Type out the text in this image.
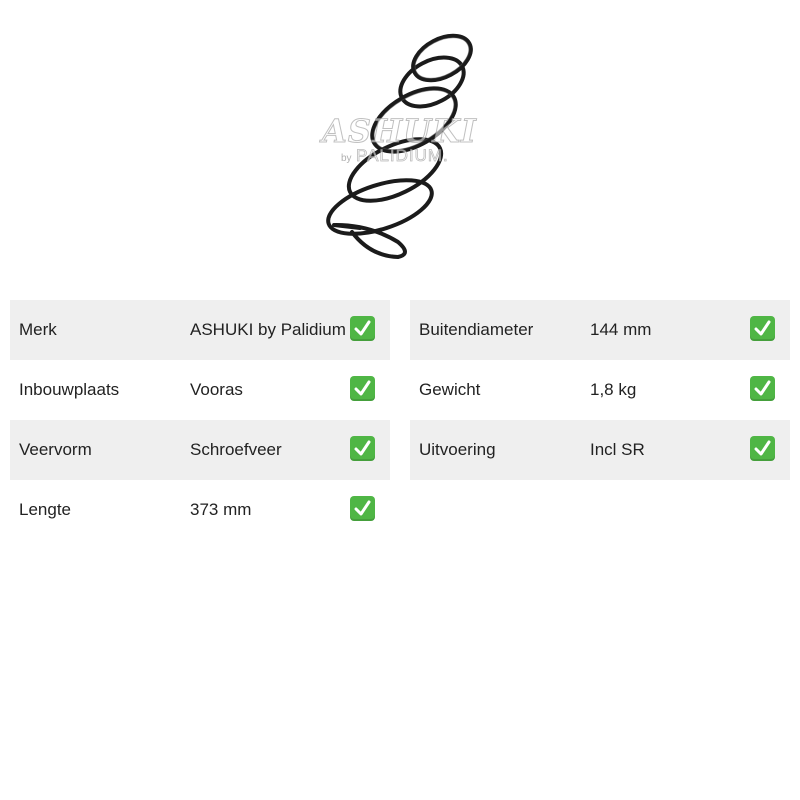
ASHUKI
by PALIDIUM.
Merk	ASHUKI by Palidium
Inbouwplaats	Vooras
Veervorm	Schroefveer
Lengte	373 mm
Buitendiameter	144 mm
Gewicht	1,8 kg
Uitvoering	Incl SR
